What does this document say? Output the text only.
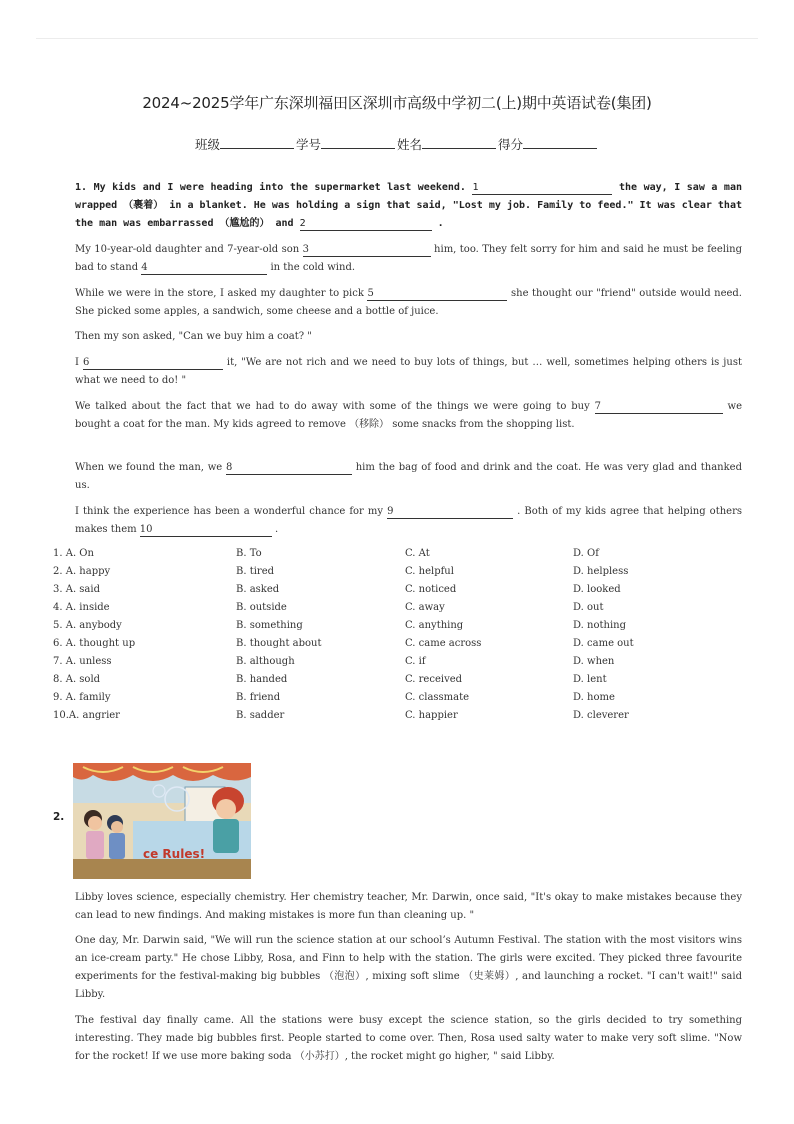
2024~2025学年广东深圳福田区深圳市高级中学初二(上)期中英语试卷(集团)
班级	学号	姓名	得分

1. My kids and I were heading into the supermarket last weekend. 1	the way, I saw a man wrapped （裹着） in a blanket. He was holding a sign that said, "Lost my job. Family to feed." It was clear that the man was embarrassed （尴尬的） and 2	.

My 10-year-old daughter and 7-year-old son 3	him, too. They felt sorry for him and said he must be feeling bad to stand 4	in the cold wind.

While we were in the store, I asked my daughter to pick 5	she thought our "friend" outside would need. She picked some apples, a sandwich, some cheese and a bottle of juice.

Then my son asked, "Can we buy him a coat? "

I 6	it, "We are not rich and we need to buy lots of things, but … well, sometimes helping others is just what we need to do! "

We talked about the fact that we had to do away with some of the things we were going to buy 7	we bought a coat for the man. My kids agreed to remove （移除） some snacks from the shopping list.

When we found the man, we 8	him the bag of food and drink and the coat. He was very glad and thanked us.

I think the experience has been a wonderful chance for my 9	. Both of my kids agree that helping others makes them 10	.

1. A. On	B. To	C. At	D. Of
2. A. happy	B. tired	C. helpful	D. helpless
3. A. said	B. asked	C. noticed	D. looked
4. A. inside	B. outside	C. away	D. out
5. A. anybody	B. something	C. anything	D. nothing
6. A. thought up	B. thought about	C. came across	D. came out
7. A. unless	B. although	C. if	D. when
8. A. sold	B. handed	C. received	D. lent
9. A. family	B. friend	C. classmate	D. home
10.A. angrier	B. sadder	C. happier	D. cleverer
2.
ce Rules!

Libby loves science, especially chemistry. Her chemistry teacher, Mr. Darwin, once said, "It's okay to make mistakes because they can lead to new findings. And making mistakes is more fun than cleaning up. "

One day, Mr. Darwin said, "We will run the science station at our school’s Autumn Festival. The station with the most visitors wins an ice-cream party." He chose Libby, Rosa, and Finn to help with the station. The girls were excited. They picked three favourite experiments for the festival-making big bubbles （泡泡）, mixing soft slime （史莱姆）, and launching a rocket. "I can't wait!" said Libby.

The festival day finally came. All the stations were busy except the science station, so the girls decided to try something interesting. They made big bubbles first. People started to come over. Then, Rosa used salty water to make very soft slime. "Now for the rocket! If we use more baking soda （小苏打）, the rocket might go higher, " said Libby.
